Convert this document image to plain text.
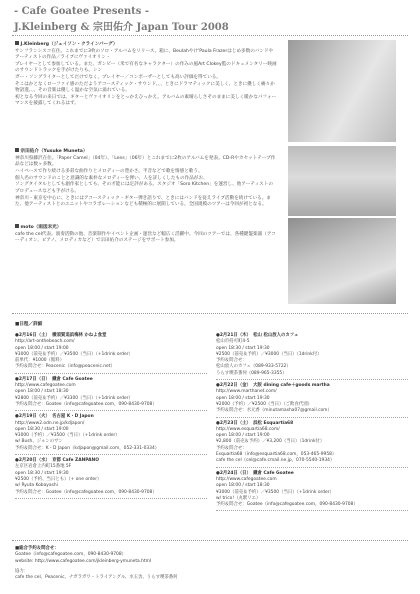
- Cafe Goatee Presents -
J.Kleinberg & 宗田佑介 Japan Tour 2008
J.Kleinberg（ジェイソン・クラインバーグ）

サンフランシスコ在住。これまでに3枚のソロ・アルバムをリリース。箱に、Beulahやけ'Paula Frazerはじめ多数のバンドやアーティストの作品／ライブにヴァイオリン・

プレイヤーとして参加している。また、ガンビー（米で有名なキャラクター）の作みの風Art Clokey監のドキュメンタリー映画のサウンドトラックを手がけたりも。シン

ガー・ソングライターとしてだけでなく、プレイヤー／コンポーザーとしても高い評価を得ている。

そこはかとなくローファイ感のただようアコースティック・サウンド、、、ときにドラマティックに美しく、ときに優しく痛々か物語進、、、その音楽は優しく温かな空気に溢れている。

初となる今回の来日では、ギターとヴァイオリンをとっかえひっかえ。アルバムの素晴らしさそのままに美しく暖かなパフォーマンスを披露してくれるはず。

宗田佑介（Yusuke Muneta）

神奈川県藤沢在住。「Paper Camel」（04年）、「Lens」（06年）とこれまでに2枚のアルバムを発表。CD-Rやカセットテープ作品などは数ヶ多数。

ハイペースで作り続ける多彩な曲作りとメロディーの豊かさ。半音などで歌を情感と歌う、

個人名のサウンドのことと意識的な素朴なメロディーを弾い、人を詳しくしたもの作品がお、

ソングタイタルとしても創作家としても、その才能には定評がある。スタジオ「Soro Kitchen」を運営し、他アーティストのプロデュースなども手がける。

神奈川・東京を中心に、ときにはアコースティック・ギター弾き語りで、ときにはバンドを従えライブ活動を続けている。また、他アーティストとのユニットやコラボレーションなども積極的に展開している。全国規模のツアーは今回が初となる。

moto（雨図未光）

cafe the cel代表。演奏活動の他、音楽制作やイベント企画・運営など幅広く活躍中。今回のツアーでは、各種鍵盤楽器（アコーディオン、ピアノ、メロディカなど）で宗田佑介のステージをサポート参加。

■日程／詳細
●2月16日（土）　横須賀追浜梅林 かねよ食堂
http://art-onthebeach.com/
open 18:00 / start 19:00
¥3000（前売＆予約）／¥3500（当日）（+1drink order）
前単代：¥1000（館料）
予約＆問合せ：Peacenic（info@peacenic.net）
●2月17日（日）　鎌倉 Cafe Goatee
http://www.cafegoatee.com
open 18:00 / start 18:30
¥2800（前売＆予約）／¥3300（当日）（+1drink order）
予約＆問合せ：Goatee（info@cafegoatee.com，090-8430-9708）
●2月19日（火）　名古屋 K・D Japon
http://www2.odn.ne.jp/kdjapon/
open 18:30 / start 19:00
¥3000（予約）／¥3500（当日）（+1drink order）
w/ Bush、ジョンのサン
予約＆問合せ：K・D Japon（kdjapon@gmail.com，052-331-0334）
●2月20日（水）　京都 Cafe ZANPANO
左京区岩倉上内町15番地 5F
open 18:30 / start 19:30
¥2500（予約、当日とも）（+ one order）
w/ Ryuta Kobayashi
予約＆問合せ：Goatee（info@cafegoatee.com，090-8430-9708）
●2月21日（木）　松山 松山放人のカフェ
松山市持可町4-5
open 18:30 / start 19:30
¥2500（前売＆予約）／¥3000（当日）（1drink付）
予約＆問合せ：
松山放人のカフェ（089-933-5722）
うらす喫茶番何（089-965-3355）
●2月22日（金）　大阪 dining cafe＋goods martha
http://www.marthanet.com/
open 18:00 / start 19:30
¥2000（予約）／¥2500（当日）（ご飲食代別）
予約＆問合せ：水元香（minutamasha07@gmail.com）
●2月23日（土）　浜松 Esquartia68
http://www.esquartia68.com/
open 18:00 / start 19:00
¥2,800（前売＆予約）／¥3,200（当日）（1drink付）
予約＆問合せ：
Esquartia68（info@esquartia68.com，053-465-9958）
cafe the cel（cel@cafe.cmail.ne.jp，070-5540-1934）
●2月24日（日）　鎌倉 Cafe Goatee
http://www.cafegoatee.com
open 18:00 / start 18:30
¥3000（前売＆予約）／¥3500（当日）（+1drink order）
w/ trico!（丸駅リエ）
予約＆問合せ：Goatee（info@cafegoatee.com，090-8430-9708）
■総合予約＆問合せ：
Goatee（info@cafegoatee.com，090-8430-9708）
website: http://www.cafegoatee.com/jkleinberg-ymuneta.html
協力：
cafe the cel、Peacenic、ナガラガワ・トライアングル、水玉舎、うらす喫茶番何
